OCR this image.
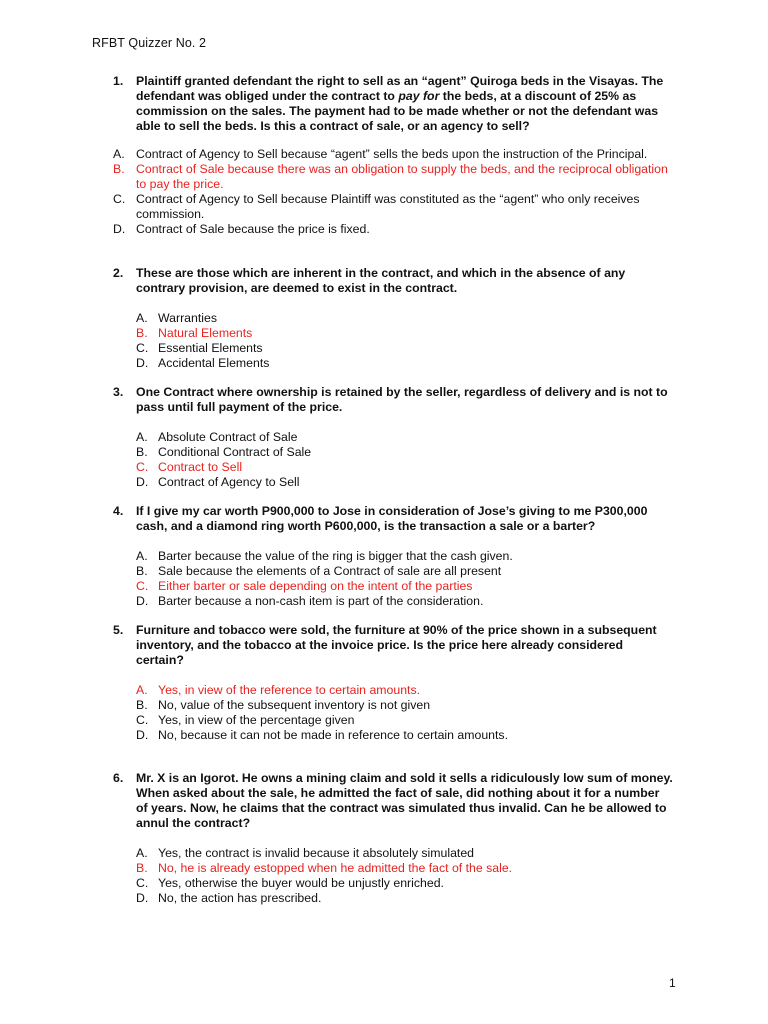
RFBT Quizzer No. 2
1.	Plaintiff granted defendant the right to sell as an “agent” Quiroga beds in the Visayas. The defendant was obliged under the contract to pay for the beds, at a discount of 25% as commission on the sales. The payment had to be made whether or not the defendant was able to sell the beds. Is this a contract of sale, or an agency to sell?
A. Contract of Agency to Sell because “agent” sells the beds upon the instruction of the Principal.
B. Contract of Sale because there was an obligation to supply the beds, and the reciprocal obligation to pay the price.
C. Contract of Agency to Sell because Plaintiff was constituted as the “agent” who only receives commission.
D. Contract of Sale because the price is fixed.
2.	These are those which are inherent in the contract, and which in the absence of any contrary provision, are deemed to exist in the contract.
A. Warranties
B. Natural Elements
C. Essential Elements
D. Accidental Elements
3.	One Contract where ownership is retained by the seller, regardless of delivery and is not to pass until full payment of the price.
A. Absolute Contract of Sale
B. Conditional Contract of Sale
C. Contract to Sell
D. Contract of Agency to Sell
4.	If I give my car worth P900,000 to Jose in consideration of Jose’s giving to me P300,000 cash, and a diamond ring worth P600,000, is the transaction a sale or a barter?
A. Barter because the value of the ring is bigger that the cash given.
B. Sale because the elements of a Contract of sale are all present
C. Either barter or sale depending on the intent of the parties
D. Barter because a non-cash item is part of the consideration.
5.	Furniture and tobacco were sold, the furniture at 90% of the price shown in a subsequent inventory, and the tobacco at the invoice price. Is the price here already considered certain?
A. Yes, in view of the reference to certain amounts.
B. No, value of the subsequent inventory is not given
C. Yes, in view of the percentage given
D. No, because it can not be made in reference to certain amounts.
6.	Mr. X is an Igorot. He owns a mining claim and sold it sells a ridiculously low sum of money. When asked about the sale, he admitted the fact of sale, did nothing about it for a number of years. Now, he claims that the contract was simulated thus invalid. Can he be allowed to annul the contract?
A. Yes, the contract is invalid because it absolutely simulated
B. No, he is already estopped when he admitted the fact of the sale.
C. Yes, otherwise the buyer would be unjustly enriched.
D. No, the action has prescribed.
1
